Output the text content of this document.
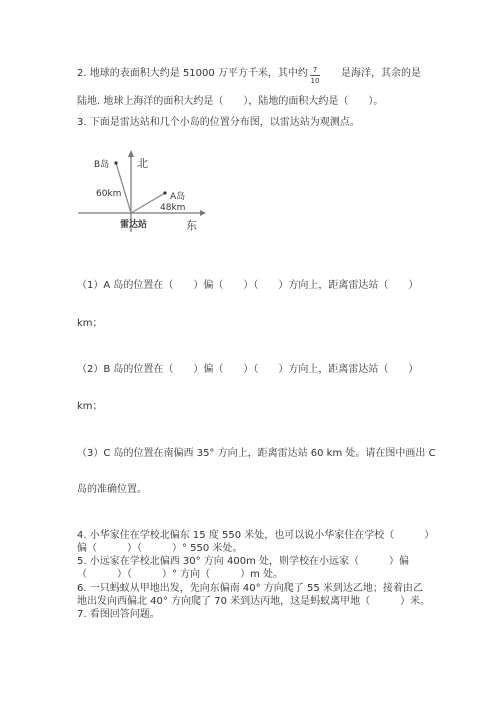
2. 地球的表面积大约是 51000 万平方千米，其中约 7
10
是海洋，其余的是
陆地. 地球上海洋的面积大约是（　　），陆地的面积大约是（　　）。
3. 下面是雷达站和几个小岛的位置分布图，以雷达站为观测点。
北
B岛
60km	A岛
48km
雷达站	东
（1）A 岛的位置在（　　）偏（　　）（　　）方向上，距离雷达站（　　）
km；
（2）B 岛的位置在（　　）偏（　　）（　　）方向上，距离雷达站（　　）
km；
（3）C 岛的位置在南偏西 35° 方向上，距离雷达站 60 km 处。请在图中画出 C
岛的准确位置。
4. 小华家住在学校北偏东 15 度 550 米处，也可以说小华家住在学校（　　　）
偏（　　　）（　　　）° 550 米处。
5. 小远家在学校北偏西 30° 方向 400m 处，则学校在小远家（　　　）偏
（　　　）（　　　）° 方向（　　　）m 处。
6. 一只蚂蚁从甲地出发，先向东偏南 40° 方向爬了 55 米到达乙地；接着由乙
地出发向西偏北 40° 方向爬了 70 米到达丙地，这是蚂蚁离甲地（　　　）米。
7. 看图回答问题。
